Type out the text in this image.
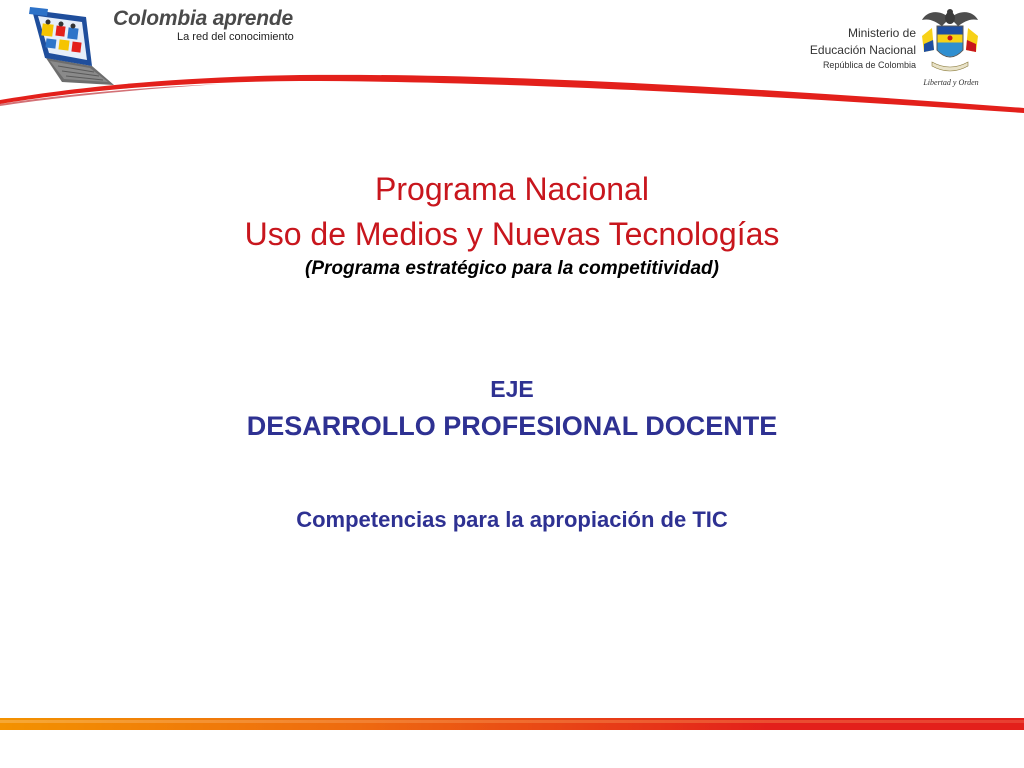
Colombia aprende
La red del conocimiento	Ministerio de
Educación Nacional
República de Colombia
Libertad y Orden
Programa Nacional
Uso de Medios y Nuevas Tecnologías
(Programa estratégico para la competitividad)
EJE
DESARROLLO PROFESIONAL DOCENTE
Competencias para la apropiación de TIC
